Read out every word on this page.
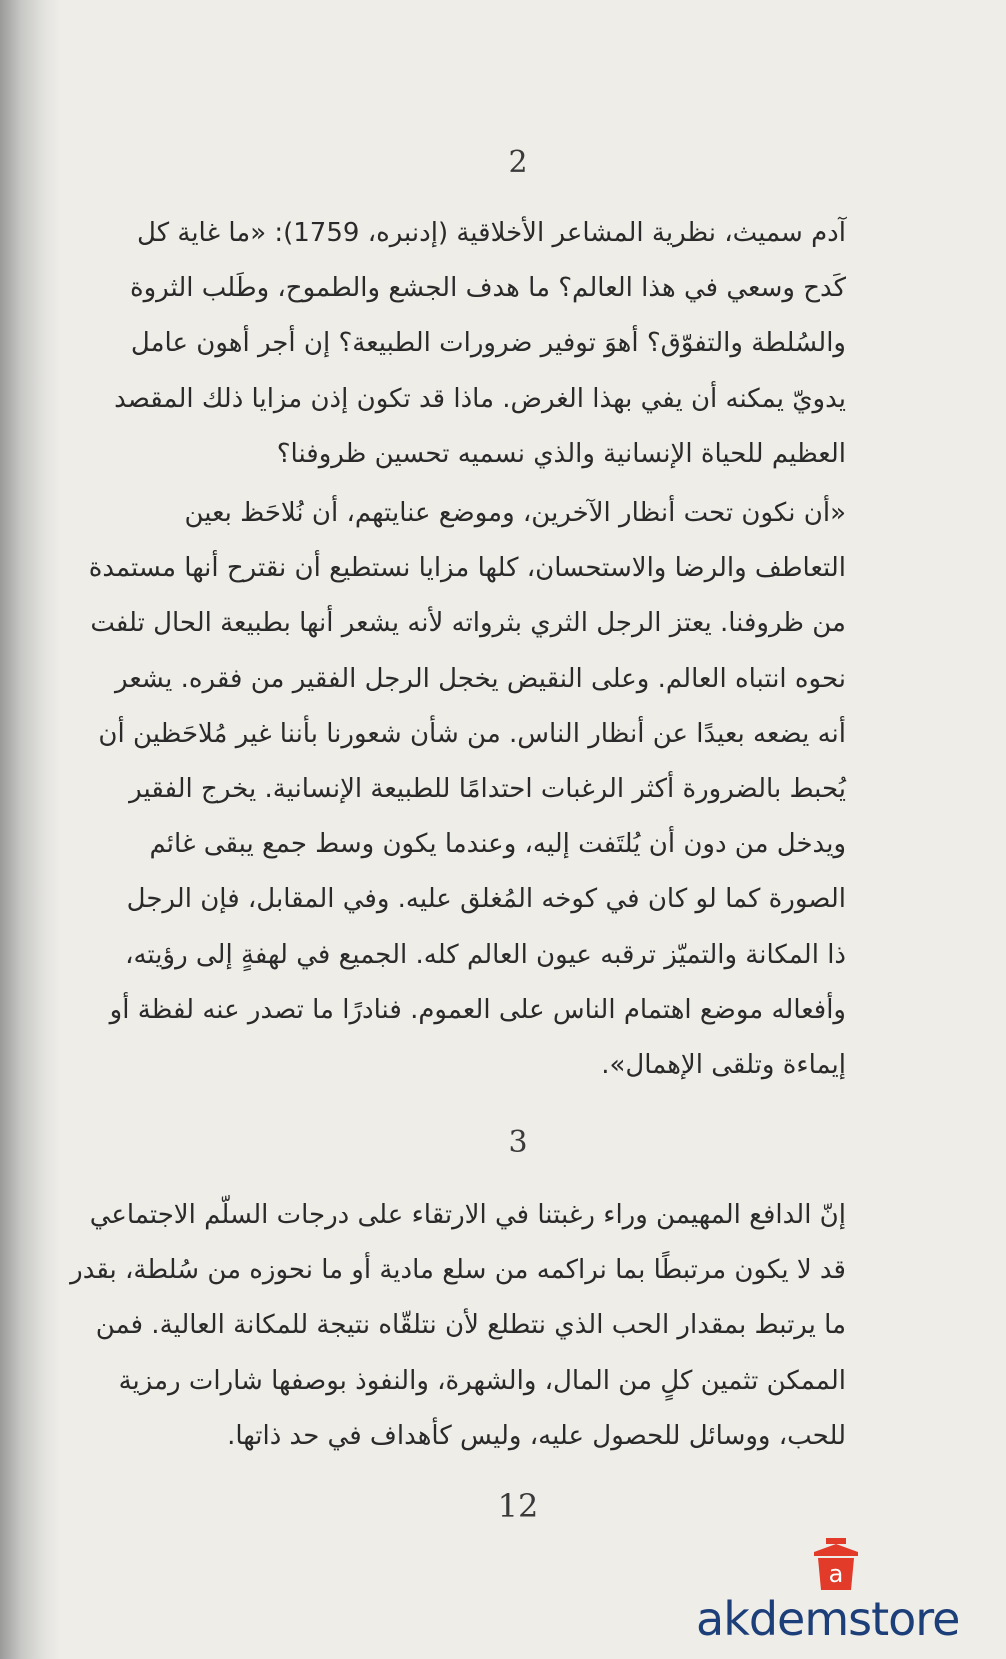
2
آدم سميث، نظرية المشاعر الأخلاقية (إدنبره، 1759): «ما غاية كل
كَدح وسعي في هذا العالم؟ ما هدف الجشع والطموح، وطَلب الثروة
والسُلطة والتفوّق؟ أهوَ توفير ضرورات الطبيعة؟ إن أجر أهون عامل
يدويّ يمكنه أن يفي بهذا الغرض. ماذا قد تكون إذن مزايا ذلك المقصد
العظيم للحياة الإنسانية والذي نسميه تحسين ظروفنا؟
«أن نكون تحت أنظار الآخرين، وموضع عنايتهم، أن نُلاحَظ بعين
التعاطف والرضا والاستحسان، كلها مزايا نستطيع أن نقترح أنها مستمدة
من ظروفنا. يعتز الرجل الثري بثرواته لأنه يشعر أنها بطبيعة الحال تلفت
نحوه انتباه العالم. وعلى النقيض يخجل الرجل الفقير من فقره. يشعر
أنه يضعه بعيدًا عن أنظار الناس. من شأن شعورنا بأننا غير مُلاحَظين أن
يُحبط بالضرورة أكثر الرغبات احتدامًا للطبيعة الإنسانية. يخرج الفقير
ويدخل من دون أن يُلتَفت إليه، وعندما يكون وسط جمع يبقى غائم
الصورة كما لو كان في كوخه المُغلق عليه. وفي المقابل، فإن الرجل
ذا المكانة والتميّز ترقبه عيون العالم كله. الجميع في لهفةٍ إلى رؤيته،
وأفعاله موضع اهتمام الناس على العموم. فنادرًا ما تصدر عنه لفظة أو
إيماءة وتلقى الإهمال».
3
إنّ الدافع المهيمن وراء رغبتنا في الارتقاء على درجات السلّم الاجتماعي
قد لا يكون مرتبطًا بما نراكمه من سلع مادية أو ما نحوزه من سُلطة، بقدر
ما يرتبط بمقدار الحب الذي نتطلع لأن نتلقّاه نتيجة للمكانة العالية. فمن
الممكن تثمين كلٍ من المال، والشهرة، والنفوذ بوصفها شارات رمزية
للحب، ووسائل للحصول عليه، وليس كأهداف في حد ذاتها.
12
a
akdemstore
